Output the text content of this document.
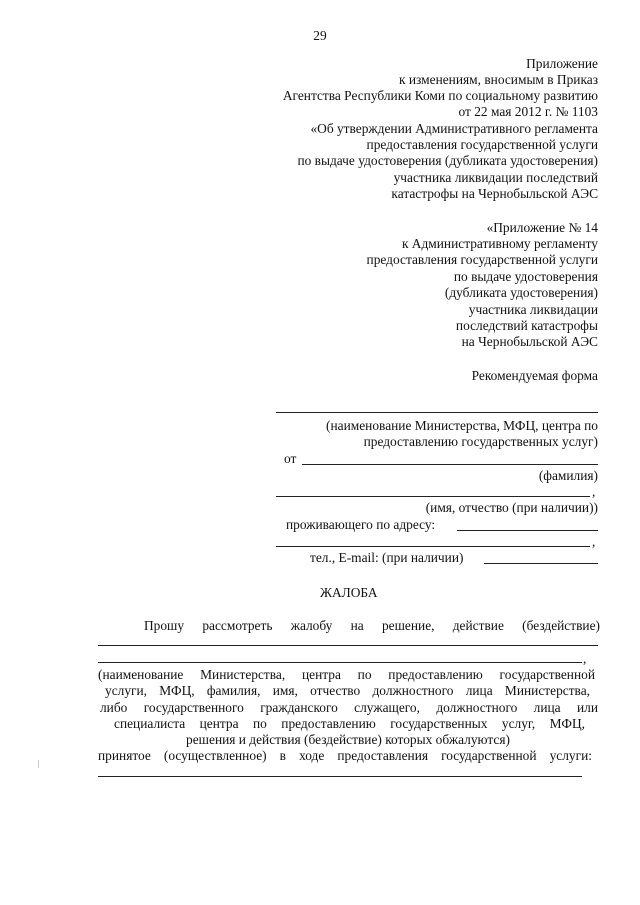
29
Приложение
к изменениям, вносимым в Приказ
Агентства Республики Коми по социальному развитию
от 22 мая 2012 г. № 1103
«Об утверждении Административного регламента
предоставления государственной услуги
по выдаче удостоверения (дубликата удостоверения)
участника ликвидации последствий
катастрофы на Чернобыльской АЭС
«Приложение № 14
к Административному регламенту
предоставления государственной услуги
по выдаче удостоверения
(дубликата удостоверения)
участника ликвидации
последствий катастрофы
на Чернобыльской АЭС
Рекомендуемая форма
(наименование Министерства, МФЦ, центра по
предоставлению государственных услуг)
от
(фамилия)
,
(имя, отчество (при наличии))
проживающего по адресу:
,
тел., E-mail: (при наличии)
ЖАЛОБА
Прошу рассмотреть жалобу на решение, действие (бездействие)
,
(наименование Министерства, центра по предоставлению государственной
услуги, МФЦ, фамилия, имя, отчество должностного лица Министерства,
либо государственного гражданского служащего, должностного лица или
специалиста центра по предоставлению государственных услуг, МФЦ,
решения и действия (бездействие) которых обжалуются)
принятое (осуществленное) в ходе предоставления государственной услуги:
